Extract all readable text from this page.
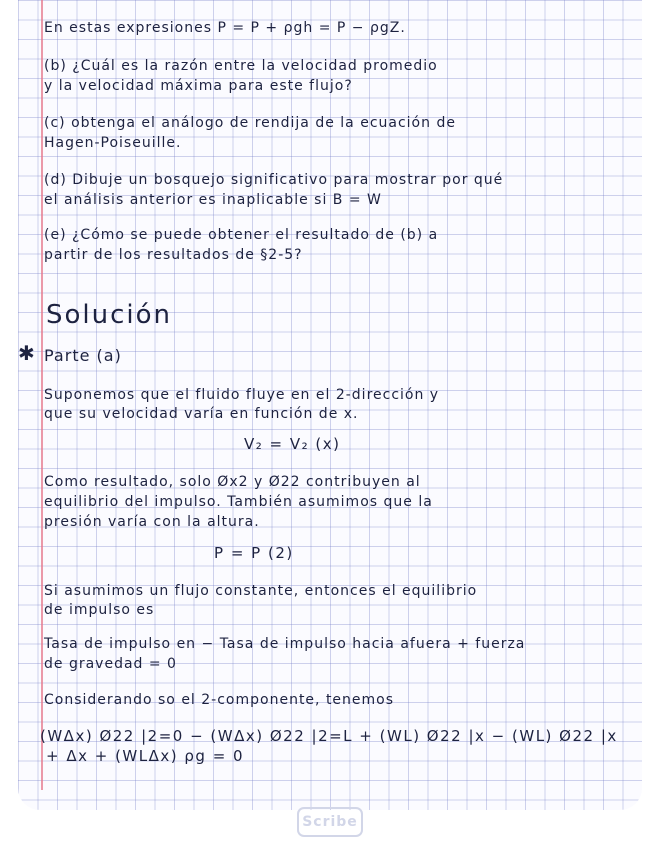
En estas expresiones P = P + ρgh = P − ρgZ.

(b) ¿Cuál es la razón entre la velocidad promedio

y la velocidad máxima para este flujo?

(c) obtenga el análogo de rendija de la ecuación de

Hagen-Poiseuille.

(d) Dibuje un bosquejo significativo para mostrar por qué

el análisis anterior es inaplicable si B = W

(e) ¿Cómo se puede obtener el resultado de (b) a

partir de los resultados de §2-5?

Solución

✱ Parte (a)

Suponemos que el fluido fluye en el 2-dirección y

que su velocidad varía en función de x.

V₂ = V₂ (x)

Como resultado, solo Øx2 y Ø22 contribuyen al

equilibrio del impulso. También asumimos que la

presión varía con la altura.

P = P (2)

Si asumimos un flujo constante, entonces el equilibrio

de impulso es

Tasa de impulso en − Tasa de impulso hacia afuera + fuerza

de gravedad = 0

Considerando so el 2-componente, tenemos

(WΔx) Ø22 |2=0 − (WΔx) Ø22 |2=L + (WL) Ø22 |x − (WL) Ø22 |x

+ Δx + (WLΔx) ρg = 0

Scribe
